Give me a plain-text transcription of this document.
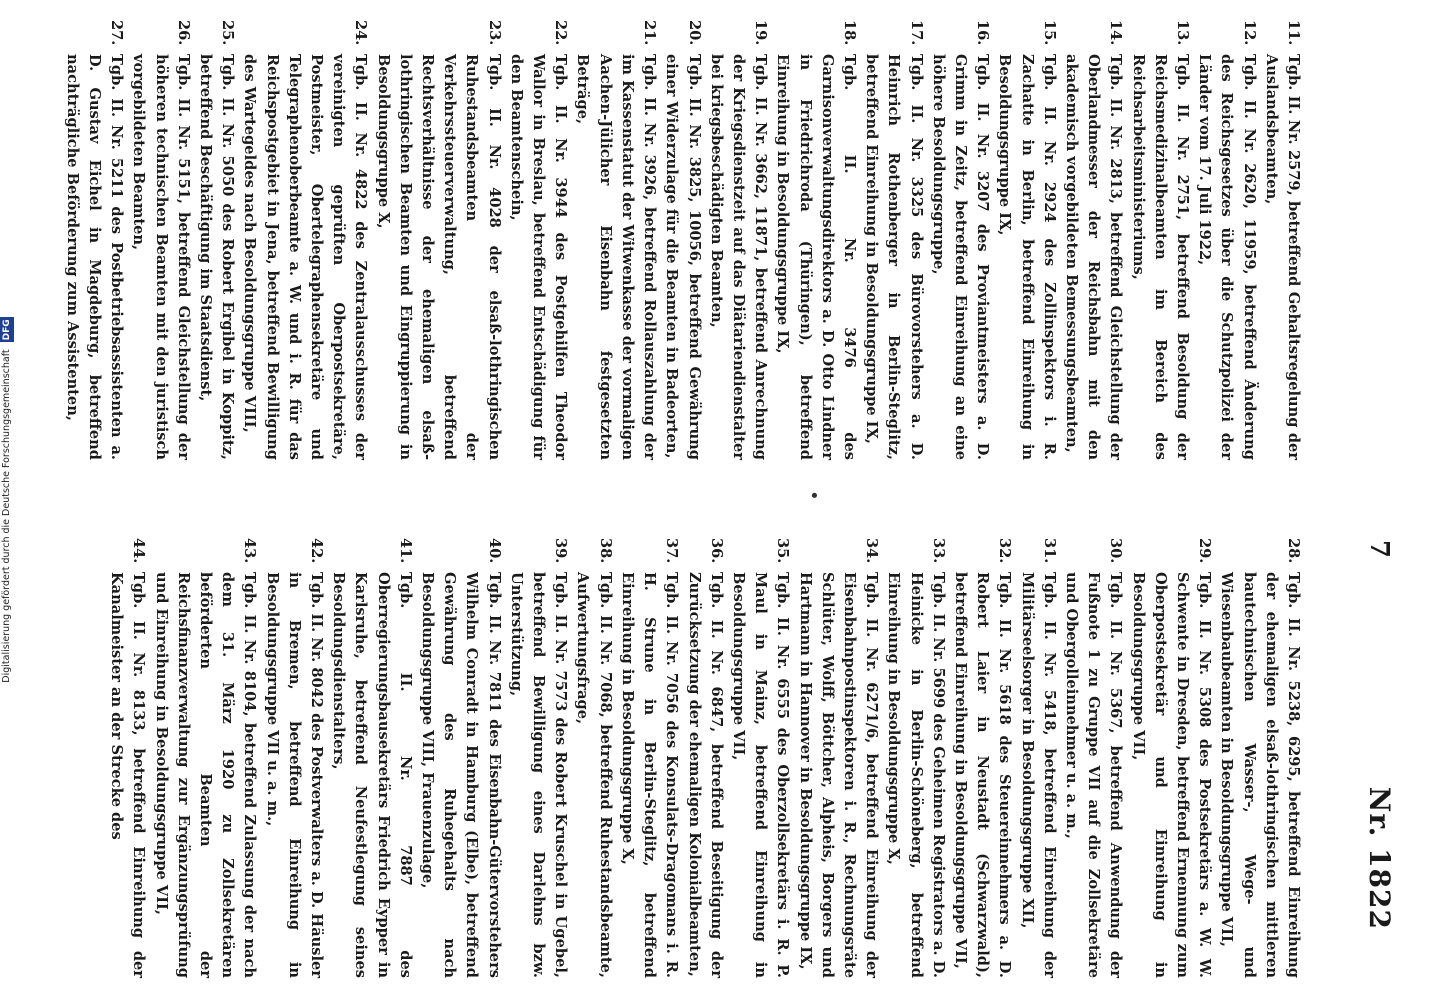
7
Nr. 1822
11.
Tgb. II. Nr. 2579, betreffend Gehaltsregelung der Auslandsbeamten,
12.
Tgb. II. Nr. 2620, 11959, betreffend Änderung des Reichsgesetzes über die Schutzpolizei der Länder vom 17. Juli 1922,
13.
Tgb. II. Nr. 2751, betreffend Besoldung der Reichsmedizinalbeamten im Bereich des Reichsarbeitsministeriums,
14.
Tgb. II. Nr. 2813, betreffend Gleichstellung der Oberlandmesser der Reichsbahn mit den akademisch vorgebildeten Bemessungsbeamten,
15.
Tgb. II. Nr. 2924 des Zollinspektors i. R. Zachatte in Berlin, betreffend Einreihung in Besoldungsgruppe IX,
16.
Tgb. II. Nr. 3207 des Proviantmeisters a. D. Grimm in Zeitz, betreffend Einreihung an eine höhere Besoldungsgruppe,
17.
Tgb. II. Nr. 3325 des Bürovorstehers a. D. Heinrich Rothenberger in Berlin-Steglitz, betreffend Einreihung in Besoldungsgruppe IX,
18.
Tgb. II. Nr. 3476 des Garnisonverwaltungsdirektors a. D. Otto Lindner in Friedrichroda (Thüringen), betreffend Einreihung in Besoldungsgruppe IX,
19.
Tgb. II. Nr. 3662, 11871, betreffend Anrechnung der Kriegsdienstzeit auf das Diätariendienstalter bei kriegsbeschädigten Beamten,
20.
Tgb. II. Nr. 3825, 10056, betreffend Gewährung einer Widerzulage für die Beamten in Badeorten,
21.
Tgb. II. Nr. 3926, betreffend Rollauszahlung der im Kassenstatut der Witwenkasse der vormaligen Aachen-Jülicher Eisenbahn festgesetzten Beträge,
22.
Tgb. II. Nr. 3944 des Postgehilfen Theodor Wallor in Breslau, betreffend Entschädigung für den Beamtenschein,
23.
Tgb. II. Nr. 4028 der elsaß-lothringischen Ruhestandsbeamten der Verkehrssteuerverwaltung, betreffend Rechtsverhältnisse der ehemaligen elsaß-lothringischen Beamten und Eingruppierung in Besoldungsgruppe X,
24.
Tgb. II. Nr. 4822 des Zentralausschusses der vereinigten geprüften Oberpostsekretäre, Postmeister, Obertelegraphensekretäre und Telegraphenoberbeamte a. W. und i. R. für das Reichspostgebiet in Jena, betreffend Bewilligung des Wartegeldes nach Besoldungsgruppe VIII,
25.
Tgb. II. Nr. 5050 des Robert Ergibel in Koppitz, betreffend Beschäftigung im Staatsdienst,
26.
Tgb. II. Nr. 5151, betreffend Gleichstellung der höheren technischen Beamten mit den juristisch vorgebildeten Beamten,
27.
Tgb. II. Nr. 5211 des Postbetriebsassistenten a. D. Gustav Eichel in Magdeburg, betreffend nachträgliche Beförderung zum Assistenten,
28.
Tgb. II. Nr. 5238, 6295, betreffend Einreihung der ehemaligen elsaß-lothringischen mittleren bautechnischen Wasser-, Wege- und Wiesenbaubeamten in Besoldungsgruppe VII,
29.
Tgb. II. Nr. 5308 des Postsekretärs a. W. W. Schwente in Dresden, betreffend Ernennung zum Oberpostsekretär und Einreihung in Besoldungsgruppe VII,
30.
Tgb. II. Nr. 5367, betreffend Anwendung der Fußnote 1 zu Gruppe VII auf die Zollsekretäre und Obergolleinnehmer u. a. m.,
31.
Tgb. II. Nr. 5418, betreffend Einreihung der Militärseelsorger in Besoldungsgruppe XII,
32.
Tgb. II. Nr. 5618 des Steuereinnehmers a. D. Robert Laier in Neustadt (Schwarzwald), betreffend Einreihung in Besoldungsgruppe VII,
33.
Tgb. II. Nr. 5699 des Geheimen Registrators a. D. Heinicke in Berlin-Schöneberg, betreffend Einreihung in Besoldungsgruppe X,
34.
Tgb. II. Nr. 6271/6, betreffend Einreihung der Eisenbahnpostinspektoren i. R., Rechnungsräte Schlüter, Wolff, Böttcher, Alpheis, Borgers und Hartmann in Hannover in Besoldungsgruppe IX,
35.
Tgb. II. Nr. 6555 des Oberzollsekretärs i. R. P. Maul in Mainz, betreffend Einreihung in Besoldungsgruppe VII,
36.
Tgb. II. Nr. 6847, betreffend Beseitigung der Zurücksetzung der ehemaligen Kolonialbeamten,
37.
Tgb. II. Nr. 7056 des Konsulats-Dragomans i. R. H. Strune in Berlin-Steglitz, betreffend Einreihung in Besoldungsgruppe X,
38.
Tgb. II. Nr. 7068, betreffend Ruhestandsbeamte, Aufwertungsfrage,
39.
Tgb. II. Nr. 7573 des Robert Kruschel in Ugebel, betreffend Bewilligung eines Darlehns bzw. Unterstützung,
40.
Tgb. II. Nr. 7811 des Eisenbahn-Gütervorstehers Wilhelm Conradt in Hamburg (Elbe), betreffend Gewährung des Ruhegehalts nach Besoldungsgruppe VIII, Frauenzulage,
41.
Tgb. II. Nr. 7887 des Oberregierungsbausekretärs Friedrich Eypper in Karlsruhe, betreffend Neufestlegung seines Besoldungsdienstalters,
42.
Tgb. II. Nr. 8042 des Postverwalters a. D. Häusler in Bremen, betreffend Einreihung in Besoldungsgruppe VII u. a. m.,
43.
Tgb. II. Nr. 8104, betreffend Zulassung der nach dem 31. März 1920 zu Zollsekretären beförderten Beamten der Reichsfinanzverwaltung zur Ergänzungsprüfung und Einreihung in Besoldungsgruppe VII,
44.
Tgb. II. Nr. 8133, betreffend Einreihung der Kanalmeister an der Strecke des
•
Digitalisierung gefördert durch die Deutsche Forschungsgemeinschaft DFG
